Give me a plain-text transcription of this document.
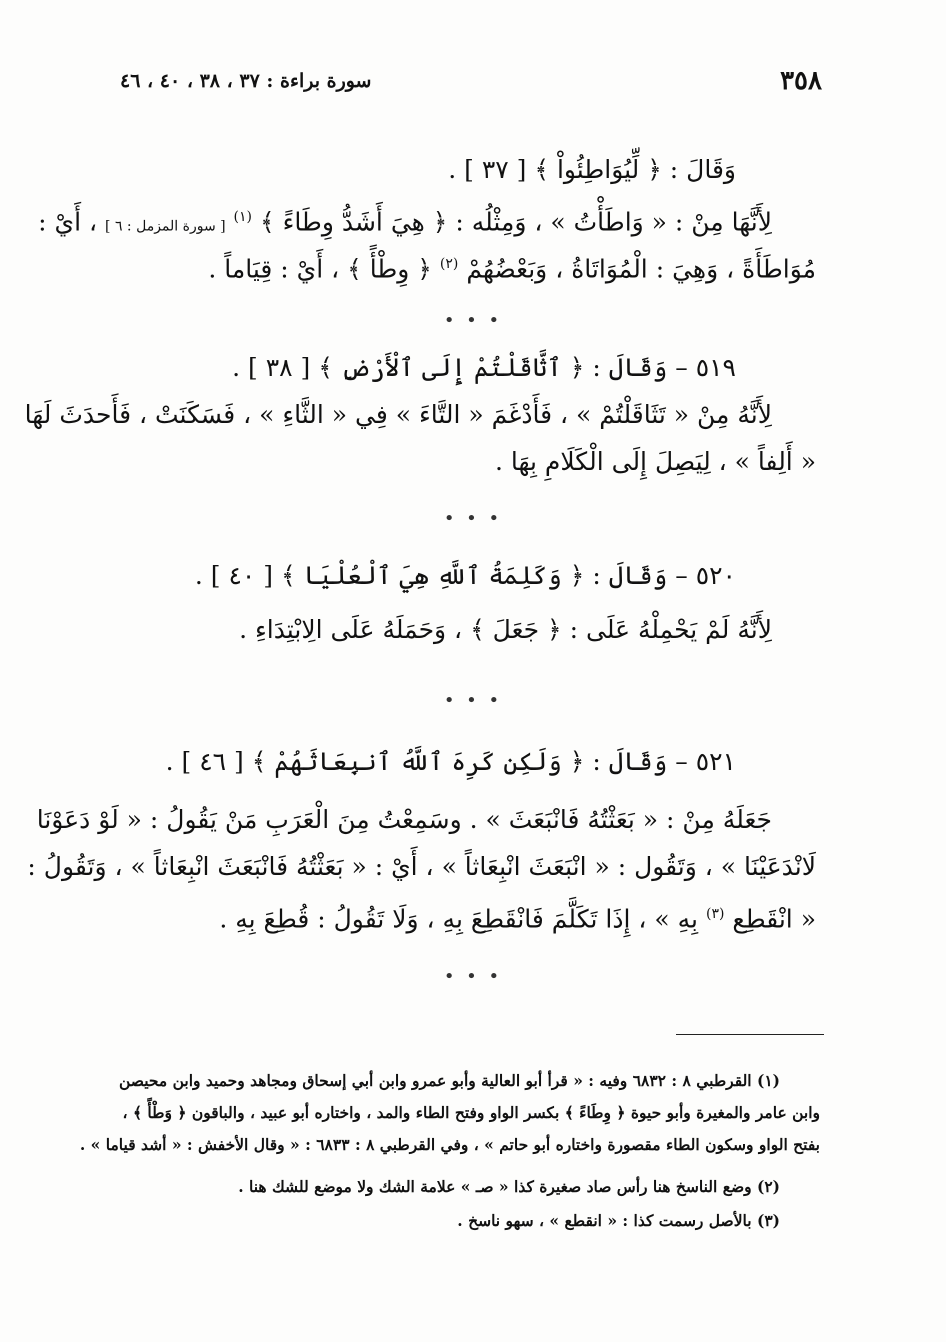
٣٥٨
سورة براءة : ٣٧ ، ٣٨ ، ٤٠ ، ٤٦
وَقَالَ : ﴿ لِّيُوَاطِئُواْ ﴾ [ ٣٧ ] .
لِأَنَّهَا مِنْ : « وَاطَأْتُ » ، وَمِثْلُه : ﴿ هِيَ أَشَدُّ وِطَاءً ﴾ $^{(١)}$ [ سورة المزمل : ٦ ] ، أَيْ :
مُوَاطَأَةً ، وَهِيَ : الْمُوَاتَاةُ ، وَبَعْضُهُمْ $^{(٢)}$ ﴿ وِطْأً ﴾ ، أَيْ : قِيَاماً .
• • •
٥١٩ – وَقَالَ : ﴿ ٱثَّاقَلْتُمْ إِلَى ٱلْأَرْضِ ﴾ [ ٣٨ ] .
لِأَنَّهُ مِنْ « تَثَاقَلْتُمْ » ، فَأَدْغَمَ « التَّاءَ » فِي « الثَّاءِ » ، فَسَكَنَتْ ، فَأَحدَثَ لَهَا
« أَلِفاً » ، لِيَصِلَ إِلَى الْكَلَامِ بِهَا .
• • •
٥٢٠ – وَقَالَ : ﴿ وَكَلِمَةُ ٱللَّهِ هِيَ ٱلْعُلْيَا ﴾ [ ٤٠ ] .
لِأَنَّهُ لَمْ يَحْمِلْهُ عَلَى : ﴿ جَعَلَ ﴾ ، وَحَمَلَهُ عَلَى الِابْتِدَاءِ .
• • •
٥٢١ – وَقَالَ : ﴿ وَلَكِن كَرِهَ ٱللَّهُ ٱنبِعَاثَهُمْ ﴾ [ ٤٦ ] .
جَعَلَهُ مِنْ : « بَعَثْتُهُ فَانْبَعَثَ » . وسَمِعْتُ مِنَ الْعَرَبِ مَنْ يَقُولُ : « لَوْ دَعَوْنَا
لَانْدَعَيْنَا » ، وَتَقُول : « انْبَعَثَ انْبِعَاثاً » ، أَيْ : « بَعَثْتُهُ فَانْبَعَثَ انْبِعَاثاً » ، وَتَقُولُ :
« انْقَطِع $^{(٣)}$ بِهِ » ، إِذَا تَكَلَّمَ فَانْقَطِعَ بِهِ ، وَلَا تَقُولُ : قُطِعَ بِهِ .
• • •
(١) القرطبي ٨ : ٦٨٣٢ وفيه : « قرأ أبو العالية وأبو عمرو وابن أبي إسحاق ومجاهد وحميد وابن محيصن
وابن عامر والمغيرة وأبو حيوة ﴿ وِطَاءً ﴾ بكسر الواو وفتح الطاء والمد ، واختاره أبو عبيد ، والباقون ﴿ وَطْأً ﴾ ،
بفتح الواو وسكون الطاء مقصورة واختاره أبو حاتم » ، وفي القرطبي ٨ : ٦٨٣٣ : « وقال الأخفش : « أشد قياما » .
(٢) وضع الناسخ هنا رأس صاد صغيرة كذا « صـ » علامة الشك ولا موضع للشك هنا .
(٣) بالأصل رسمت كذا : « انقطع » ، سهو ناسخ .
